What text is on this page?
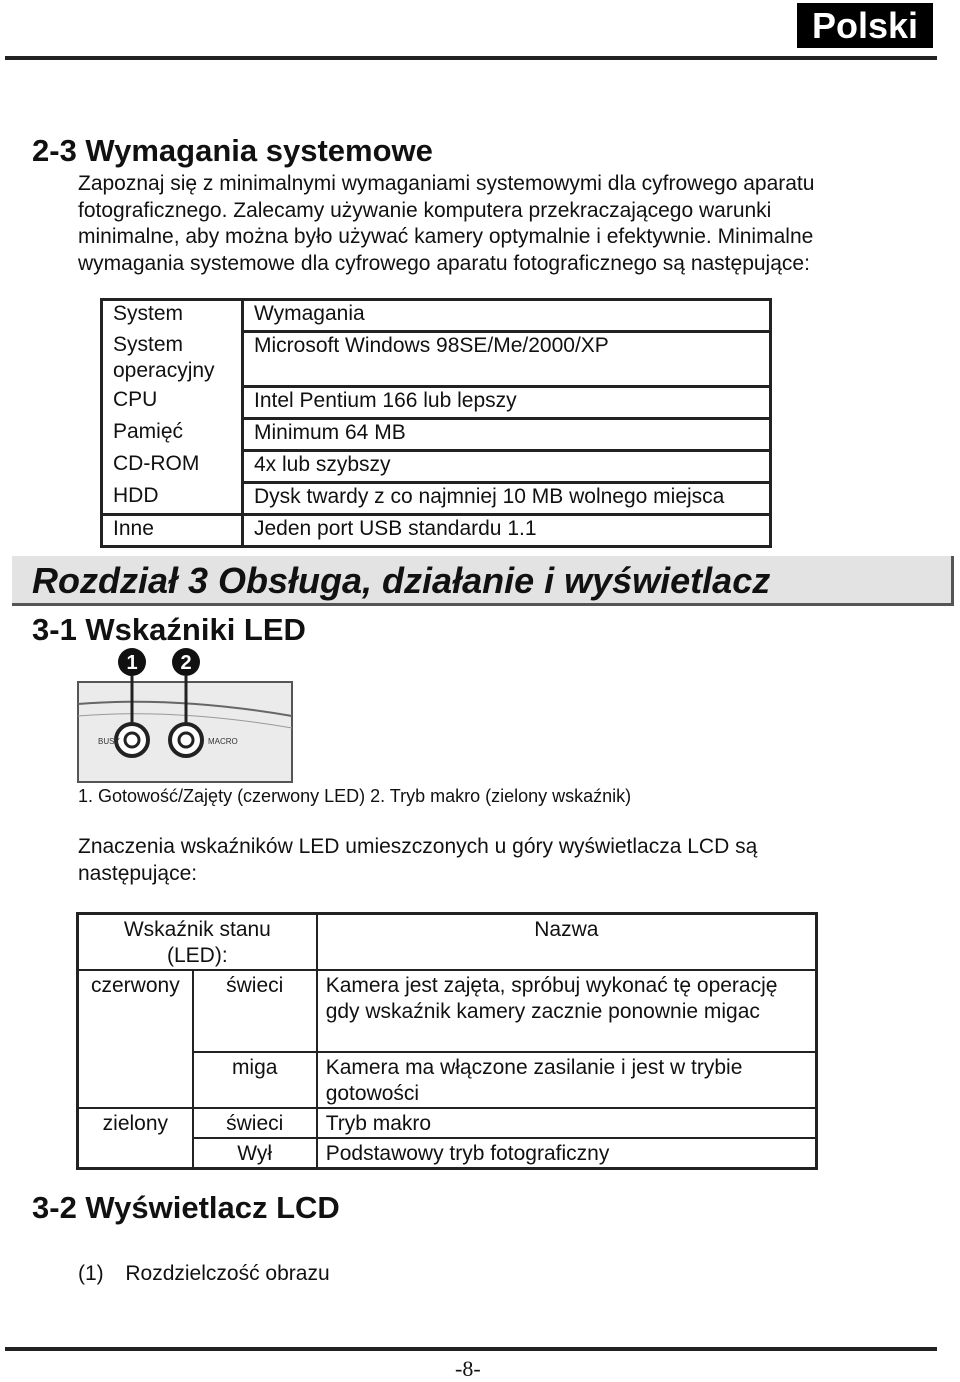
Polski
2-3 Wymagania systemowe
Zapoznaj się z minimalnymi wymaganiami systemowymi dla cyfrowego aparatu
fotograficznego. Zalecamy używanie komputera przekraczającego warunki
minimalne, aby można było używać kamery optymalnie i efektywnie. Minimalne
wymagania systemowe dla cyfrowego aparatu fotograficznego są następujące:
System	Wymagania
System operacyjny	Microsoft Windows 98SE/Me/2000/XP
CPU	Intel Pentium 166 lub lepszy
Pamięć	Minimum 64 MB
CD-ROM	4x lub szybszy
HDD	Dysk twardy z co najmniej 10 MB wolnego miejsca
Inne	Jeden port USB standardu 1.1
Rozdział 3 Obsługa, działanie i wyświetlacz
3-1 Wskaźniki LED
1 2
BUSY	MACRO
1. Gotowość/Zajęty (czerwony LED) 2. Tryb makro (zielony wskaźnik)
Znaczenia wskaźników LED umieszczonych u góry wyświetlacza LCD są
następujące:
Wskaźnik stanu (LED):		Nazwa
czerwony	świeci	Kamera jest zajęta, spróbuj wykonać tę operację gdy wskaźnik kamery zacznie ponownie migac
	miga	Kamera ma włączone zasilanie i jest w trybie gotowości
zielony	świeci	Tryb makro
	Wył	Podstawowy tryb fotograficzny
3-2 Wyświetlacz LCD
(1) Rozdzielczość obrazu
-8-
